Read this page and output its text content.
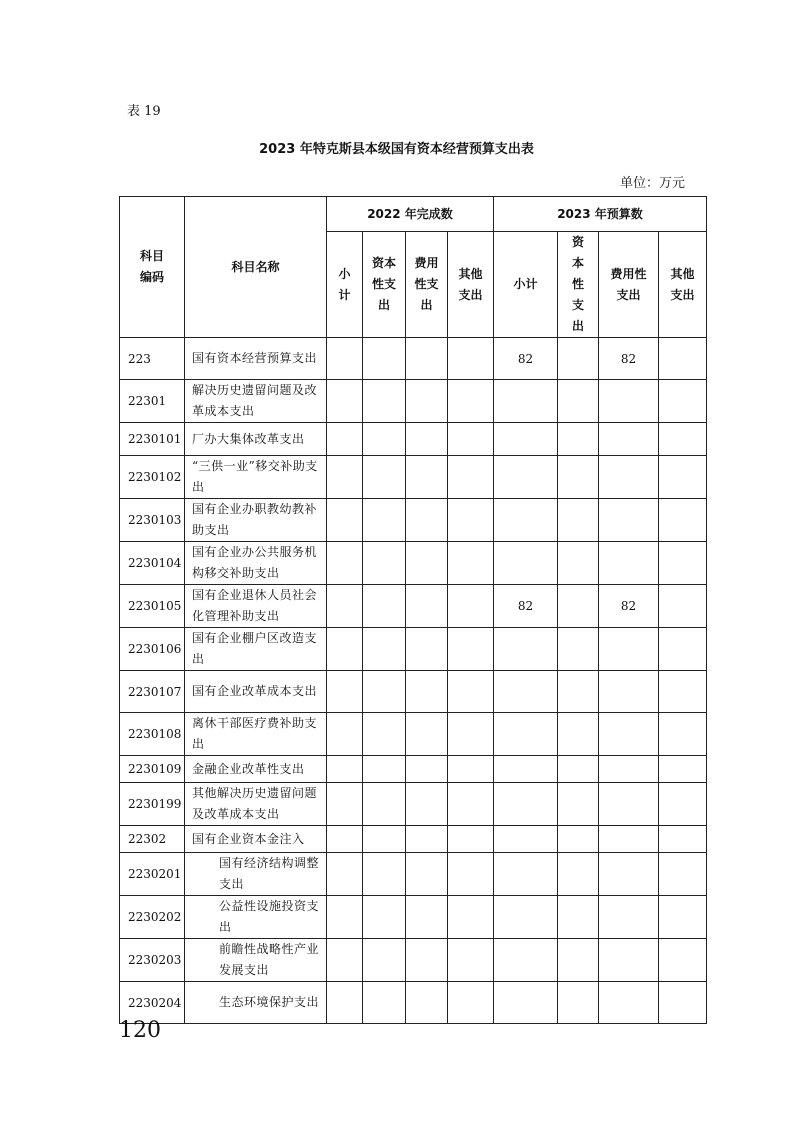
表 19
2023 年特克斯县本级国有资本经营预算支出表
单位：万元
科目编码	科目名称	2022 年完成数				2023 年预算数			

		小计	资本性支出	费用性支出	其他支出	小计	资本性支出	费用性支出	其他支出

223	国有资本经营预算支出					82		82	
22301	解决历史遗留问题及改革成本支出								
2230101	厂办大集体改革支出								
2230102	“三供一业”移交补助支出								
2230103	国有企业办职教幼教补助支出								
2230104	国有企业办公共服务机构移交补助支出								
2230105	国有企业退休人员社会化管理补助支出					82		82	
2230106	国有企业棚户区改造支出								
2230107	国有企业改革成本支出								
2230108	离休干部医疗费补助支出								
2230109	金融企业改革性支出								
2230199	其他解决历史遗留问题及改革成本支出								
22302	国有企业资本金注入								
2230201	国有经济结构调整支出								
2230202	公益性设施投资支出								
2230203	前瞻性战略性产业发展支出								
2230204	生态环境保护支出								
120
